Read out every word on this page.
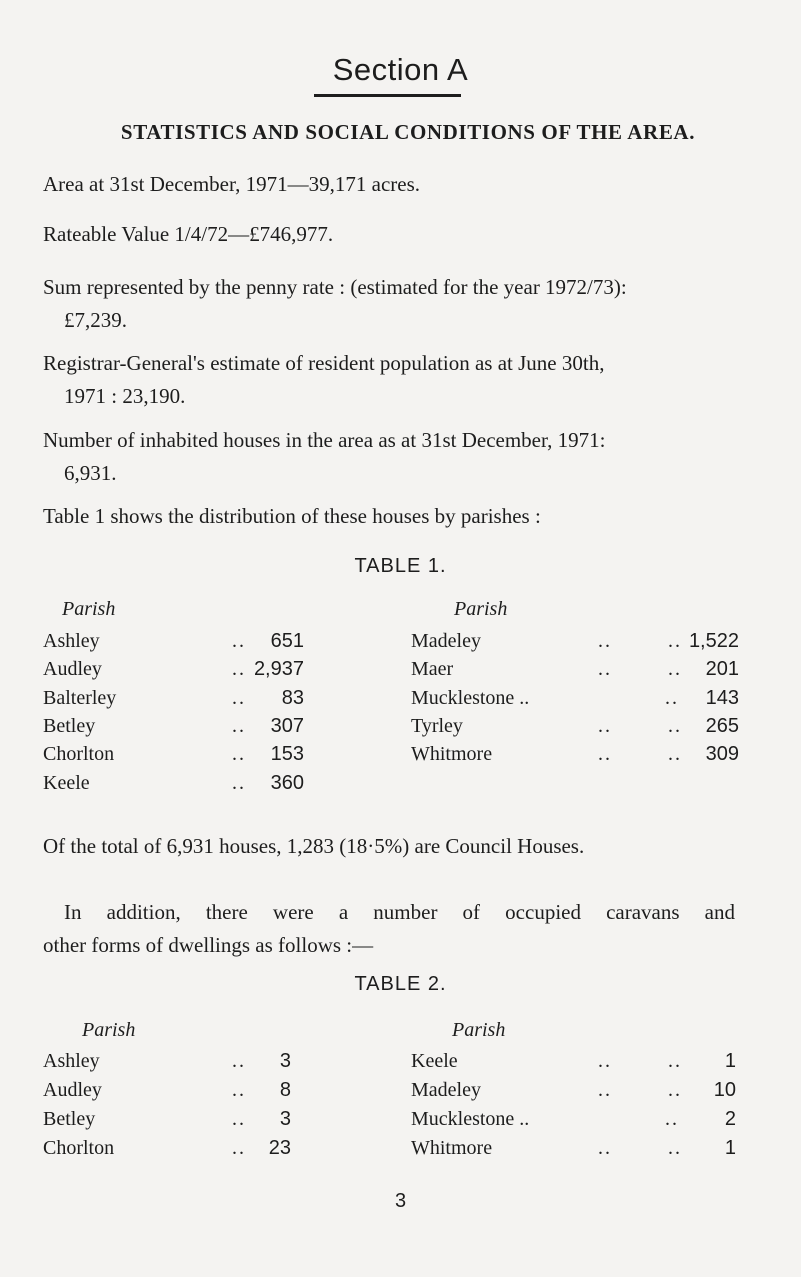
Section A
STATISTICS AND SOCIAL CONDITIONS OF THE AREA.
Area at 31st December, 1971—39,171 acres.
Rateable Value 1/4/72—£746,977.
Sum represented by the penny rate : (estimated for the year 1972/73):
£7,239.
Registrar-General's estimate of resident population as at June 30th,
1971 : 23,190.
Number of inhabited houses in the area as at 31st December, 1971:
6,931.
Table 1 shows the distribution of these houses by parishes :
TABLE 1.
Parish	Parish
Ashley	..	651
Audley	.. 2,937
Balterley	..	83
Betley	..	307
Chorlton	..	153
Keele	..	360
Madeley	..        .. 1,522
Maer	..        ..	201
Mucklestone ..	..	143
Tyrley	..        ..	265
Whitmore	..        ..	309
Of the total of 6,931 houses, 1,283 (18·5%) are Council Houses.
In addition, there were a number of occupied caravans and
other forms of dwellings as follows :—
TABLE 2.
Parish	Parish
Ashley	..	3
Audley	..	8
Betley	..	3
Chorlton	..	23
Keele	..        ..	1
Madeley	..        ..	10
Mucklestone ..	..	2
Whitmore	..        ..	1
3
